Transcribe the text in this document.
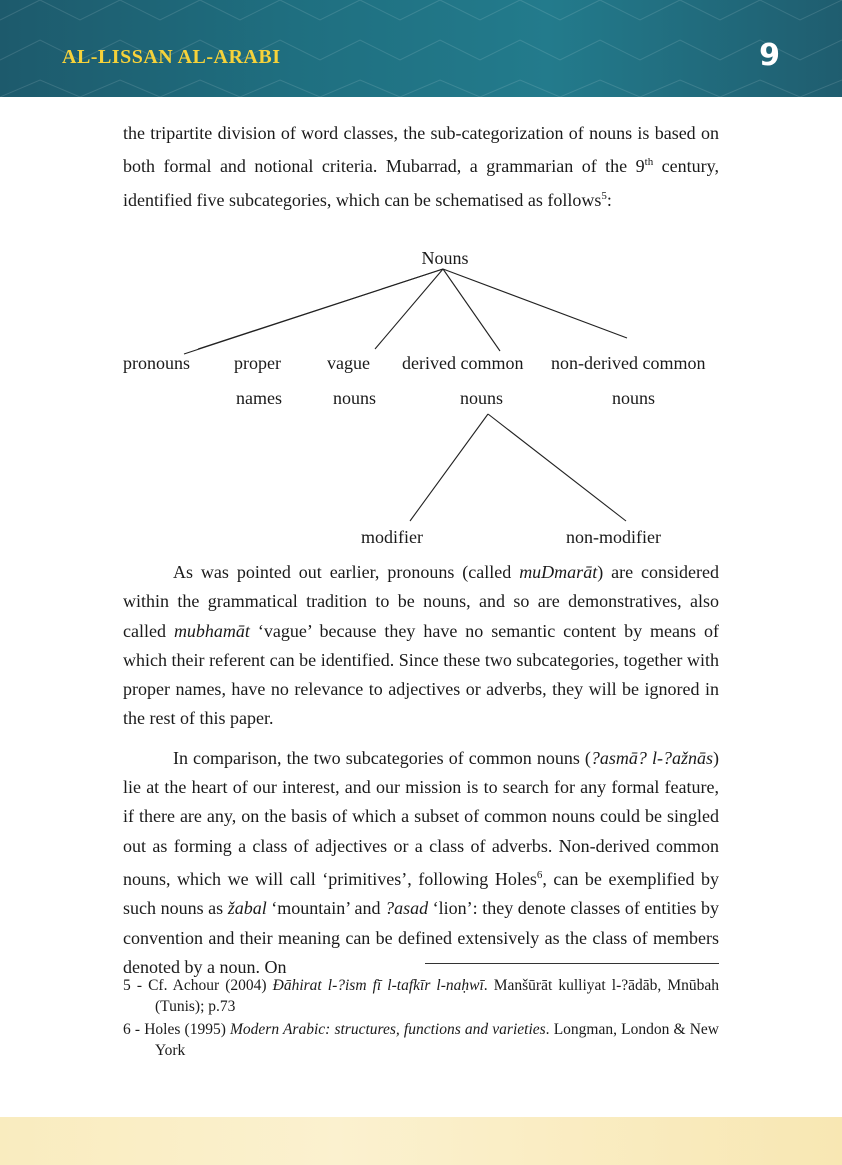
AL-LISSAN AL-ARABI	9

the tripartite division of word classes, the sub-categorization of nouns is based on both formal and notional criteria. Mubarrad, a grammarian of the 9th century, identified five subcategories, which can be schematised as follows$^5$:

Nouns
pronouns proper
names
vague
nouns
derived common
nouns
non-derived common
nouns
modifier	non-modifier

As was pointed out earlier, pronouns (called muDmarāt) are considered within the grammatical tradition to be nouns, and so are demonstratives, also called mubhamāt ‘vague’ because they have no semantic content by means of which their referent can be identified. Since these two subcategories, together with proper names, have no relevance to adjectives or adverbs, they will be ignored in the rest of this paper.

In comparison, the two subcategories of common nouns (?asmā? l-?ažnās) lie at the heart of our interest, and our mission is to search for any formal feature, if there are any, on the basis of which a subset of common nouns could be singled out as forming a class of adjectives or a class of adverbs. Non-derived common nouns, which we will call ‘primitives’, following Holes$^6$, can be exemplified by such nouns as žabal ‘mountain’ and ?asad ‘lion’: they denote classes of entities by convention and their meaning can be defined extensively as the class of members denoted by a noun. On

5 - Cf. Achour (2004) Đāhirat l-?ism fī l-tafkīr l-naḥwī. Manšūrāt kulliyat l-?ādāb, Mnūbah (Tunis); p.73

6 - Holes (1995) Modern Arabic: structures, functions and varieties. Longman, London & New York
